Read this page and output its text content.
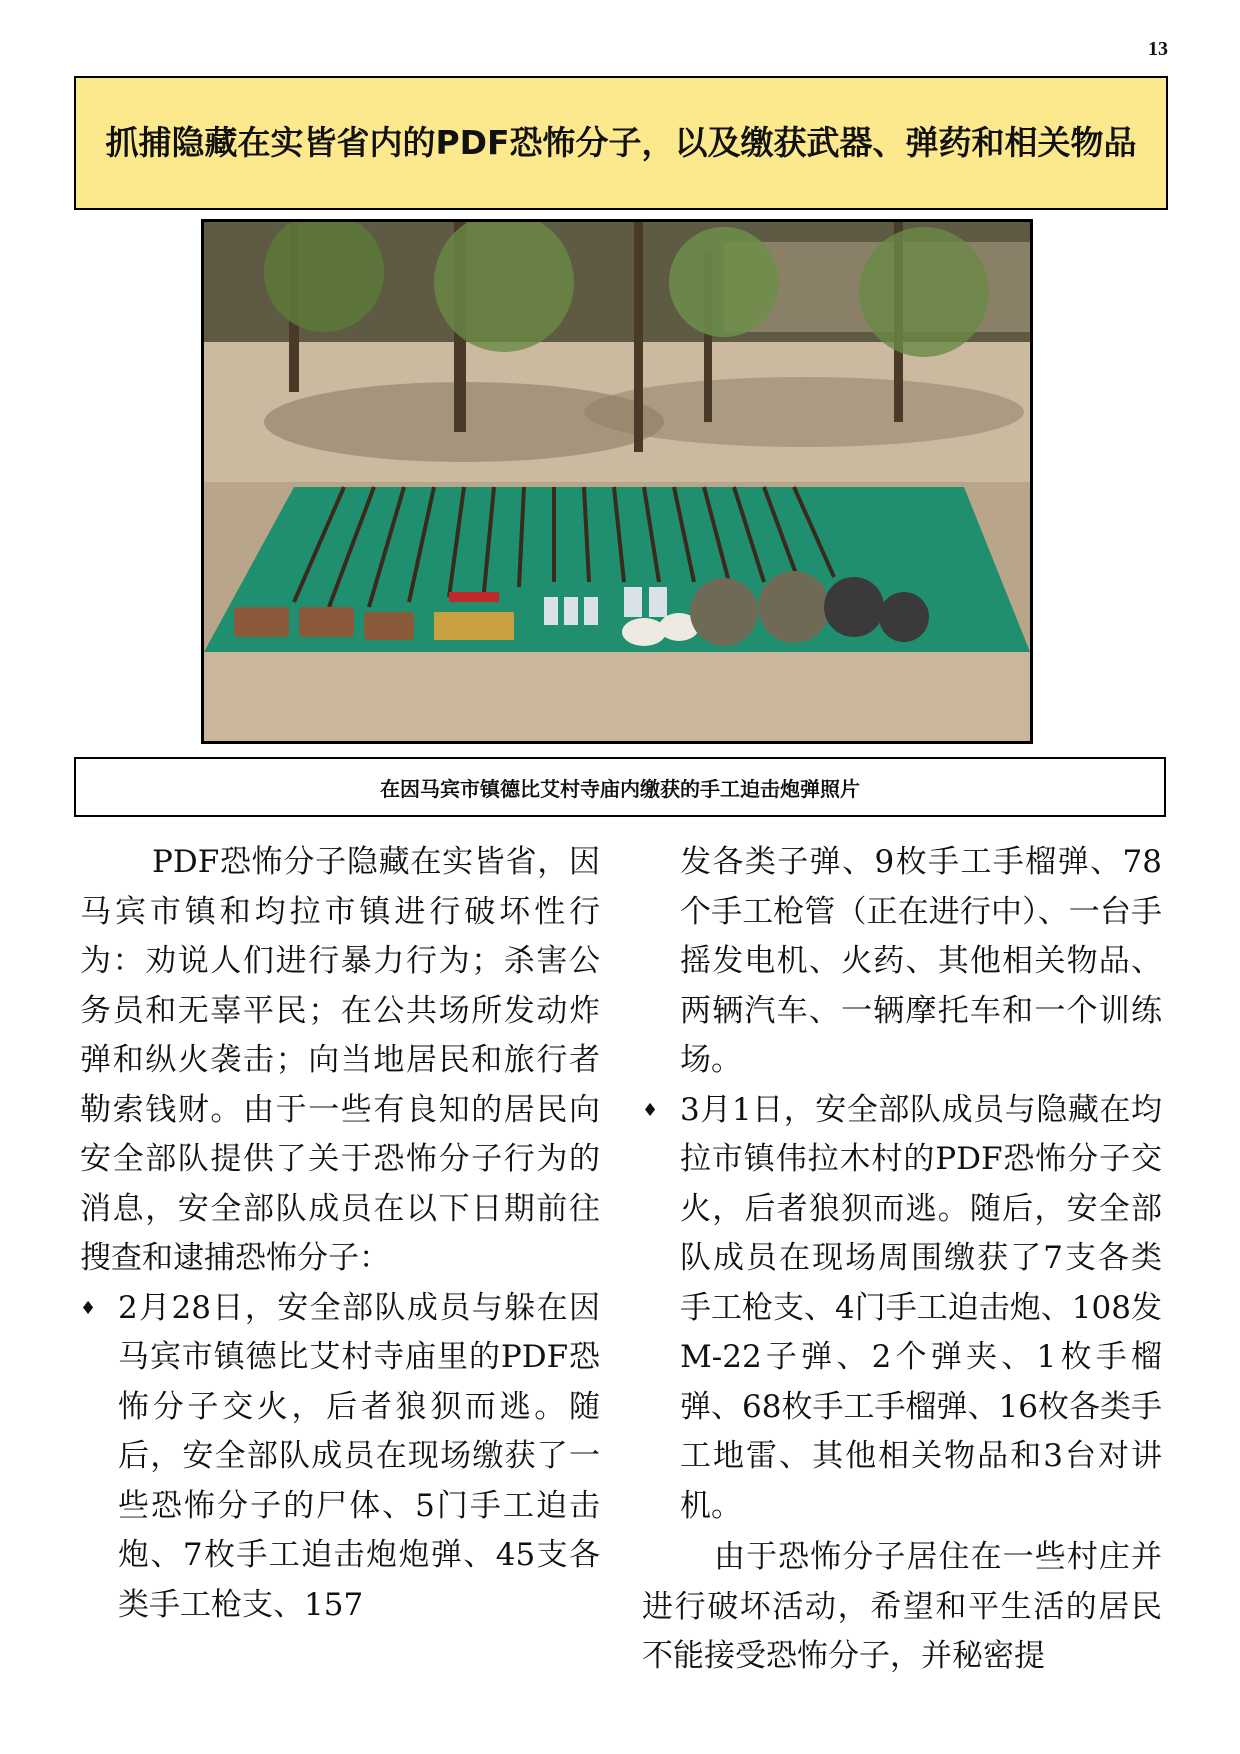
13
抓捕隐藏在实皆省内的PDF恐怖分子，以及缴获武器、弹药和相关物品
在因马宾市镇德比艾村寺庙内缴获的手工迫击炮弹照片

PDF恐怖分子隐藏在实皆省，因马宾市镇和均拉市镇进行破坏性行为：劝说人们进行暴力行为；杀害公务员和无辜平民；在公共场所发动炸弹和纵火袭击；向当地居民和旅行者勒索钱财。由于一些有良知的居民向安全部队提供了关于恐怖分子行为的消息，安全部队成员在以下日期前往搜查和逮捕恐怖分子：

♦ 2月28日，安全部队成员与躲在因马宾市镇德比艾村寺庙里的PDF恐怖分子交火，后者狼狈而逃。随后，安全部队成员在现场缴获了一些恐怖分子的尸体、5门手工迫击炮、7枚手工迫击炮炮弹、45支各类手工枪支、157

发各类子弹、9枚手工手榴弹、78个手工枪管（正在进行中）、一台手摇发电机、火药、其他相关物品、两辆汽车、一辆摩托车和一个训练场。

♦ 3月1日，安全部队成员与隐藏在均拉市镇伟拉木村的PDF恐怖分子交火，后者狼狈而逃。随后，安全部队成员在现场周围缴获了7支各类手工枪支、4门手工迫击炮、108发M-22子弹、2个弹夹、1枚手榴弹、68枚手工手榴弹、16枚各类手工地雷、其他相关物品和3台对讲机。

由于恐怖分子居住在一些村庄并进行破坏活动，希望和平生活的居民不能接受恐怖分子，并秘密提
